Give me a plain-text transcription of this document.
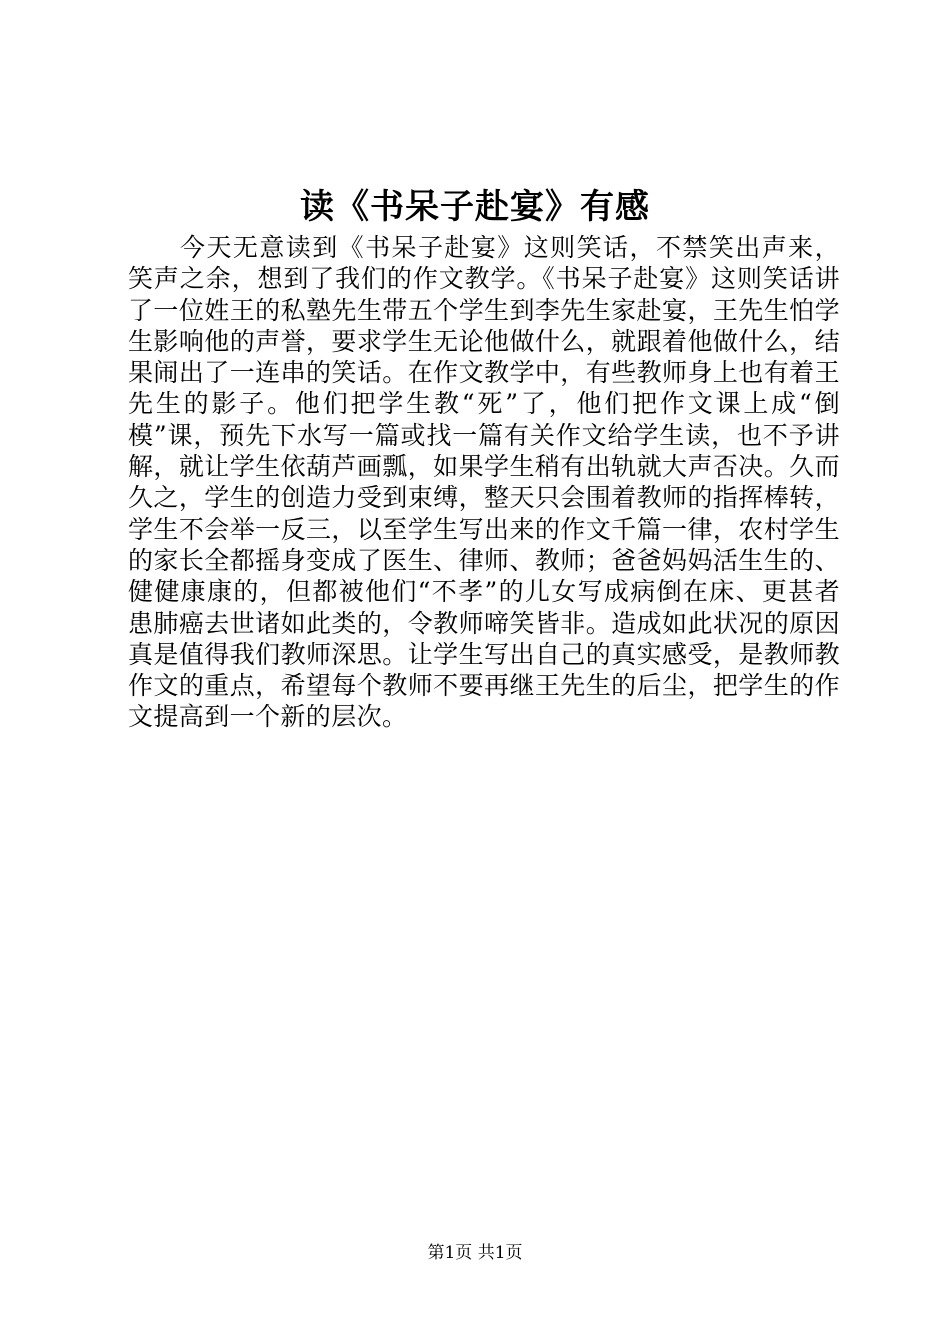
读《书呆子赴宴》有感

今天无意读到《书呆子赴宴》这则笑话，不禁笑出声来，笑声之余，想到了我们的作文教学。《书呆子赴宴》这则笑话讲了一位姓王的私塾先生带五个学生到李先生家赴宴，王先生怕学生影响他的声誉，要求学生无论他做什么，就跟着他做什么，结果闹出了一连串的笑话。在作文教学中，有些教师身上也有着王先生的影子。他们把学生教“死”了，他们把作文课上成“倒模”课，预先下水写一篇或找一篇有关作文给学生读，也不予讲解，就让学生依葫芦画瓢，如果学生稍有出轨就大声否决。久而久之，学生的创造力受到束缚，整天只会围着教师的指挥棒转，学生不会举一反三，以至学生写出来的作文千篇一律，农村学生的家长全都摇身变成了医生、律师、教师；爸爸妈妈活生生的、健健康康的，但都被他们“不孝”的儿女写成病倒在床、更甚者患肺癌去世诸如此类的，令教师啼笑皆非。造成如此状况的原因真是值得我们教师深思。让学生写出自己的真实感受，是教师教作文的重点，希望每个教师不要再继王先生的后尘，把学生的作文提高到一个新的层次。

第1页 共1页
